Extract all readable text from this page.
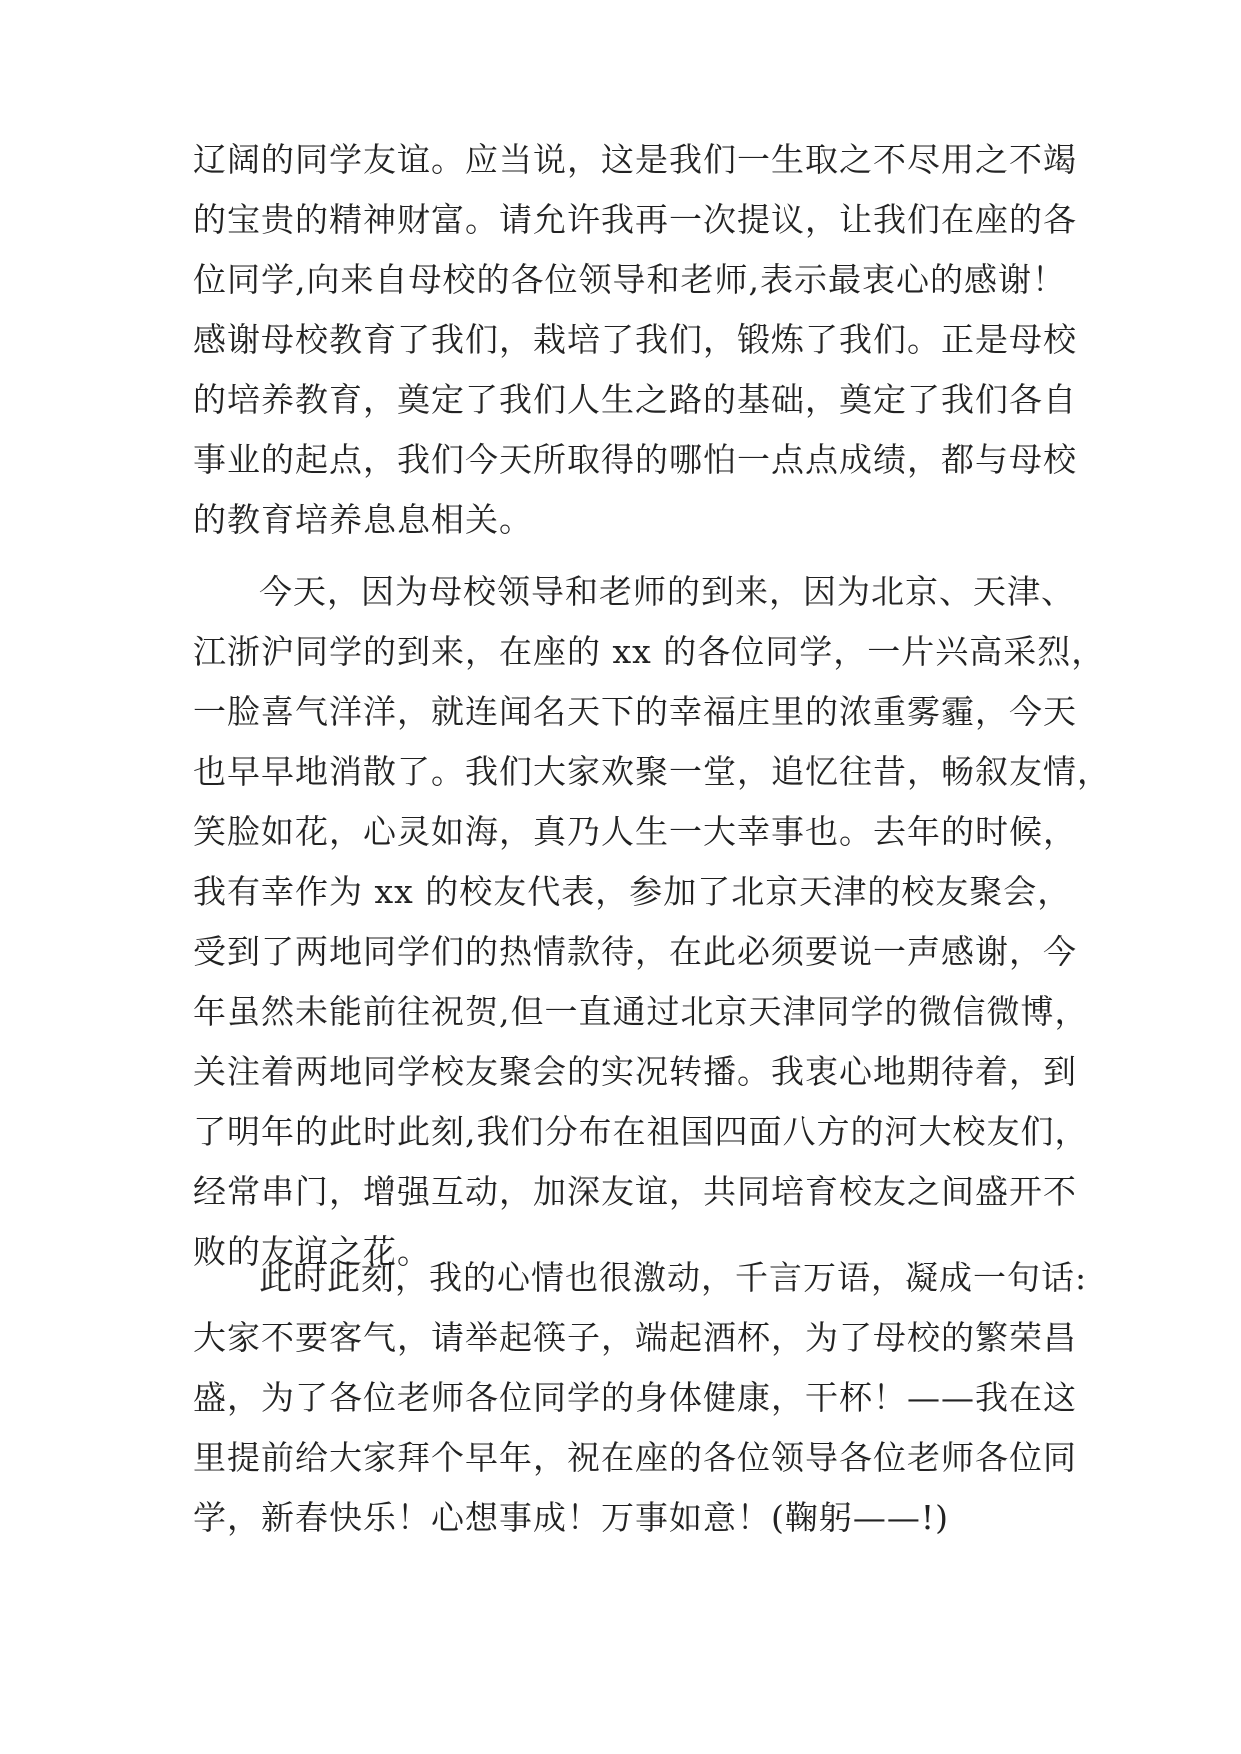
辽阔的同学友谊。应当说，这是我们一生取之不尽用之不竭
的宝贵的精神财富。请允许我再一次提议，让我们在座的各
位同学,向来自母校的各位领导和老师,表示最衷心的感谢！
感谢母校教育了我们，栽培了我们，锻炼了我们。正是母校
的培养教育，奠定了我们人生之路的基础，奠定了我们各自
事业的起点，我们今天所取得的哪怕一点点成绩，都与母校
的教育培养息息相关。
今天，因为母校领导和老师的到来，因为北京、天津、
江浙沪同学的到来，在座的 xx 的各位同学，一片兴高采烈，
一脸喜气洋洋，就连闻名天下的幸福庄里的浓重雾霾，今天
也早早地消散了。我们大家欢聚一堂，追忆往昔，畅叙友情，
笑脸如花，心灵如海，真乃人生一大幸事也。去年的时候，
我有幸作为 xx 的校友代表，参加了北京天津的校友聚会，
受到了两地同学们的热情款待，在此必须要说一声感谢，今
年虽然未能前往祝贺,但一直通过北京天津同学的微信微博，
关注着两地同学校友聚会的实况转播。我衷心地期待着，到
了明年的此时此刻,我们分布在祖国四面八方的河大校友们，
经常串门，增强互动，加深友谊，共同培育校友之间盛开不
败的友谊之花。
此时此刻，我的心情也很激动，千言万语，凝成一句话:
大家不要客气，请举起筷子，端起酒杯，为了母校的繁荣昌
盛，为了各位老师各位同学的身体健康，干杯！——我在这
里提前给大家拜个早年，祝在座的各位领导各位老师各位同
学，新春快乐！心想事成！万事如意！(鞠躬——!)
